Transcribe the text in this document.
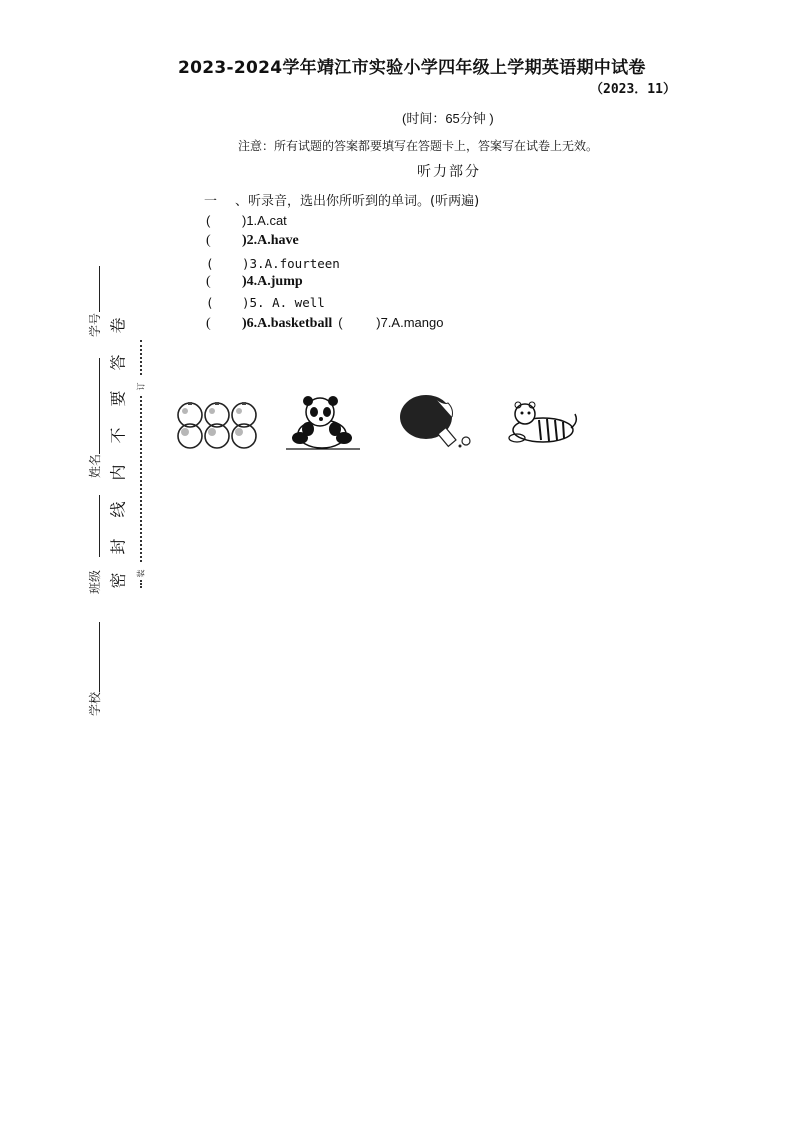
2023-2024学年靖江市实验小学四年级上学期英语期中试卷
（2023．11）
(时间：65分钟 )
注意：所有试题的答案都要填写在答题卡上，答案写在试卷上无效。
听力部分
一 、听录音，选出你所听到的单词。(听两遍)
( )1.A.cat
( )2.A.have
( )3.A.fourteen
( )4.A.jump
( )5. A. well
( )6.A.basketball (	)7.A.mango
学号
姓名
班级
学校
卷
答
要
不
内
线
封
密
订
装
